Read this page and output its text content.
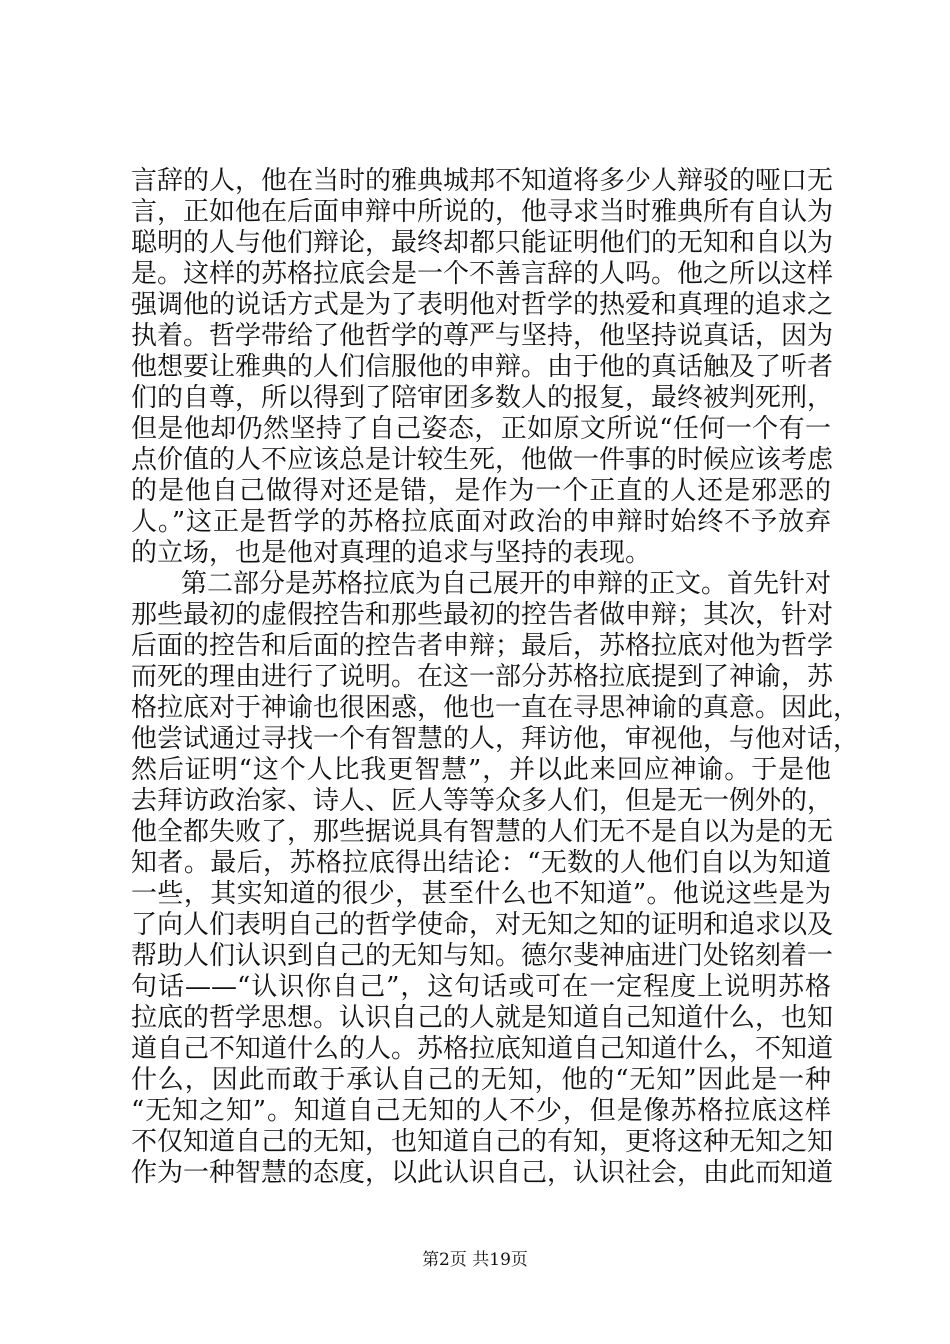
言辞的人，他在当时的雅典城邦不知道将多少人辩驳的哑口无
言，正如他在后面申辩中所说的，他寻求当时雅典所有自认为
聪明的人与他们辩论，最终却都只能证明他们的无知和自以为
是。这样的苏格拉底会是一个不善言辞的人吗。他之所以这样
强调他的说话方式是为了表明他对哲学的热爱和真理的追求之
执着。哲学带给了他哲学的尊严与坚持，他坚持说真话，因为
他想要让雅典的人们信服他的申辩。由于他的真话触及了听者
们的自尊，所以得到了陪审团多数人的报复，最终被判死刑，
但是他却仍然坚持了自己姿态，正如原文所说“任何一个有一
点价值的人不应该总是计较生死，他做一件事的时候应该考虑
的是他自己做得对还是错，是作为一个正直的人还是邪恶的
人。”这正是哲学的苏格拉底面对政治的申辩时始终不予放弃
的立场，也是他对真理的追求与坚持的表现。
第二部分是苏格拉底为自己展开的申辩的正文。首先针对
那些最初的虚假控告和那些最初的控告者做申辩；其次，针对
后面的控告和后面的控告者申辩；最后，苏格拉底对他为哲学
而死的理由进行了说明。在这一部分苏格拉底提到了神谕，苏
格拉底对于神谕也很困惑，他也一直在寻思神谕的真意。因此，
他尝试通过寻找一个有智慧的人，拜访他，审视他，与他对话，
然后证明“这个人比我更智慧”，并以此来回应神谕。于是他
去拜访政治家、诗人、匠人等等众多人们，但是无一例外的，
他全都失败了，那些据说具有智慧的人们无不是自以为是的无
知者。最后，苏格拉底得出结论：“无数的人他们自以为知道
一些，其实知道的很少，甚至什么也不知道”。他说这些是为
了向人们表明自己的哲学使命，对无知之知的证明和追求以及
帮助人们认识到自己的无知与知。德尔斐神庙进门处铭刻着一
句话——“认识你自己”，这句话或可在一定程度上说明苏格
拉底的哲学思想。认识自己的人就是知道自己知道什么，也知
道自己不知道什么的人。苏格拉底知道自己知道什么，不知道
什么，因此而敢于承认自己的无知，他的“无知”因此是一种
“无知之知”。知道自己无知的人不少，但是像苏格拉底这样
不仅知道自己的无知，也知道自己的有知，更将这种无知之知
作为一种智慧的态度，以此认识自己，认识社会，由此而知道
第2页 共19页
